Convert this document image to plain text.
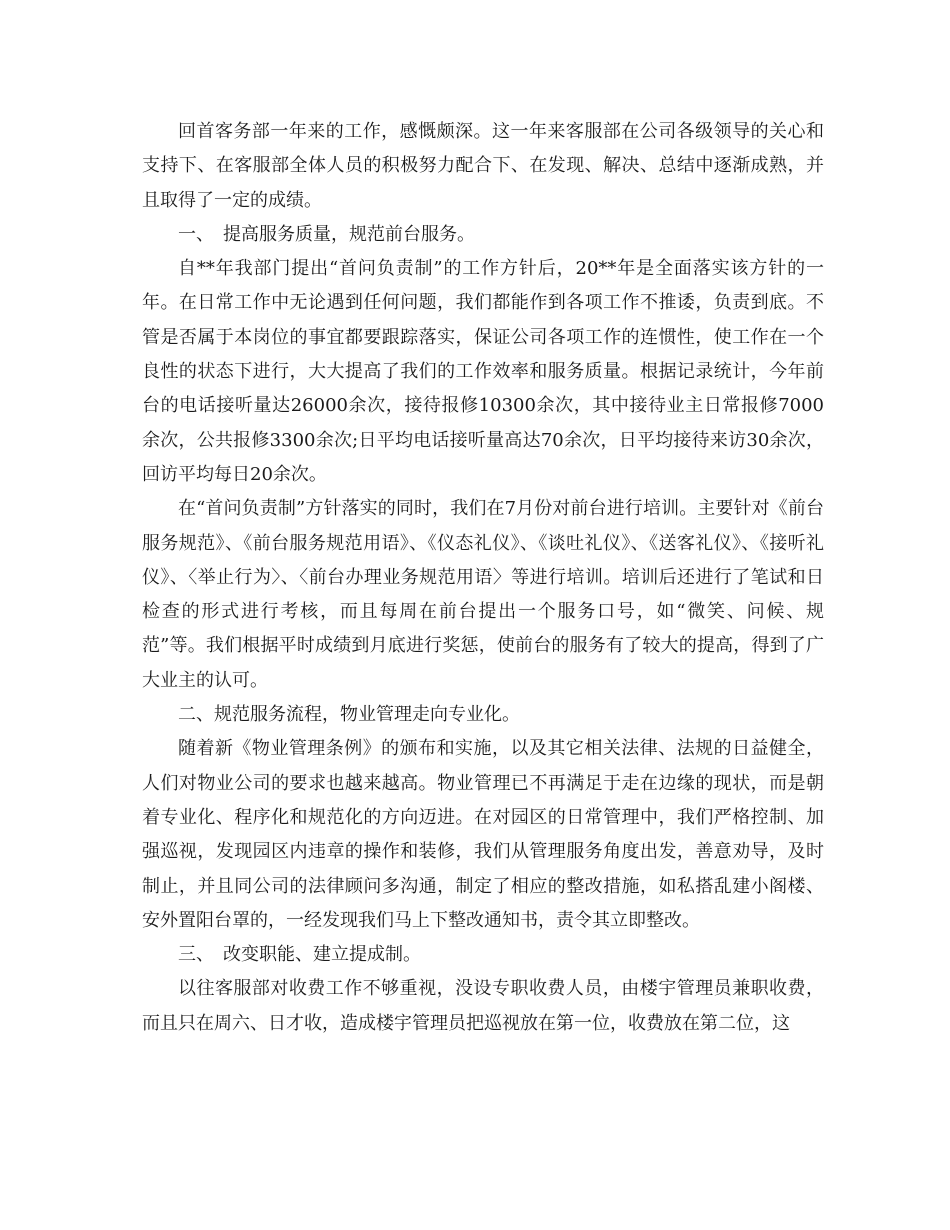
回首客务部一年来的工作，感慨颇深。这一年来客服部在公司各级领导的关心和支持下、在客服部全体人员的积极努力配合下、在发现、解决、总结中逐渐成熟，并且取得了一定的成绩。

一、　提高服务质量，规范前台服务。

自**年我部门提出“首问负责制”的工作方针后，20**年是全面落实该方针的一年。在日常工作中无论遇到任何问题，我们都能作到各项工作不推诿，负责到底。不管是否属于本岗位的事宜都要跟踪落实，保证公司各项工作的连惯性，使工作在一个良性的状态下进行，大大提高了我们的工作效率和服务质量。根据记录统计，今年前台的电话接听量达26000余次，接待报修10300余次，其中接待业主日常报修7000余次，公共报修3300余次;日平均电话接听量高达70余次，日平均接待来访30余次，回访平均每日20余次。

在“首问负责制”方针落实的同时，我们在7月份对前台进行培训。主要针对《前台服务规范》、《前台服务规范用语》、《仪态礼仪》、《谈吐礼仪》、《送客礼仪》、《接听礼仪》、〈举止行为〉、〈前台办理业务规范用语〉等进行培训。培训后还进行了笔试和日检查的形式进行考核，而且每周在前台提出一个服务口号，如“微笑、问候、规范”等。我们根据平时成绩到月底进行奖惩，使前台的服务有了较大的提高，得到了广大业主的认可。

二、规范服务流程，物业管理走向专业化。

随着新《物业管理条例》的颁布和实施，以及其它相关法律、法规的日益健全，人们对物业公司的要求也越来越高。物业管理已不再满足于走在边缘的现状，而是朝着专业化、程序化和规范化的方向迈进。在对园区的日常管理中，我们严格控制、加强巡视，发现园区内违章的操作和装修，我们从管理服务角度出发，善意劝导，及时制止，并且同公司的法律顾问多沟通，制定了相应的整改措施，如私搭乱建小阁楼、安外置阳台罩的，一经发现我们马上下整改通知书，责令其立即整改。

三、　改变职能、建立提成制。

以往客服部对收费工作不够重视，没设专职收费人员，由楼宇管理员兼职收费，而且只在周六、日才收，造成楼宇管理员把巡视放在第一位，收费放在第二位，这
